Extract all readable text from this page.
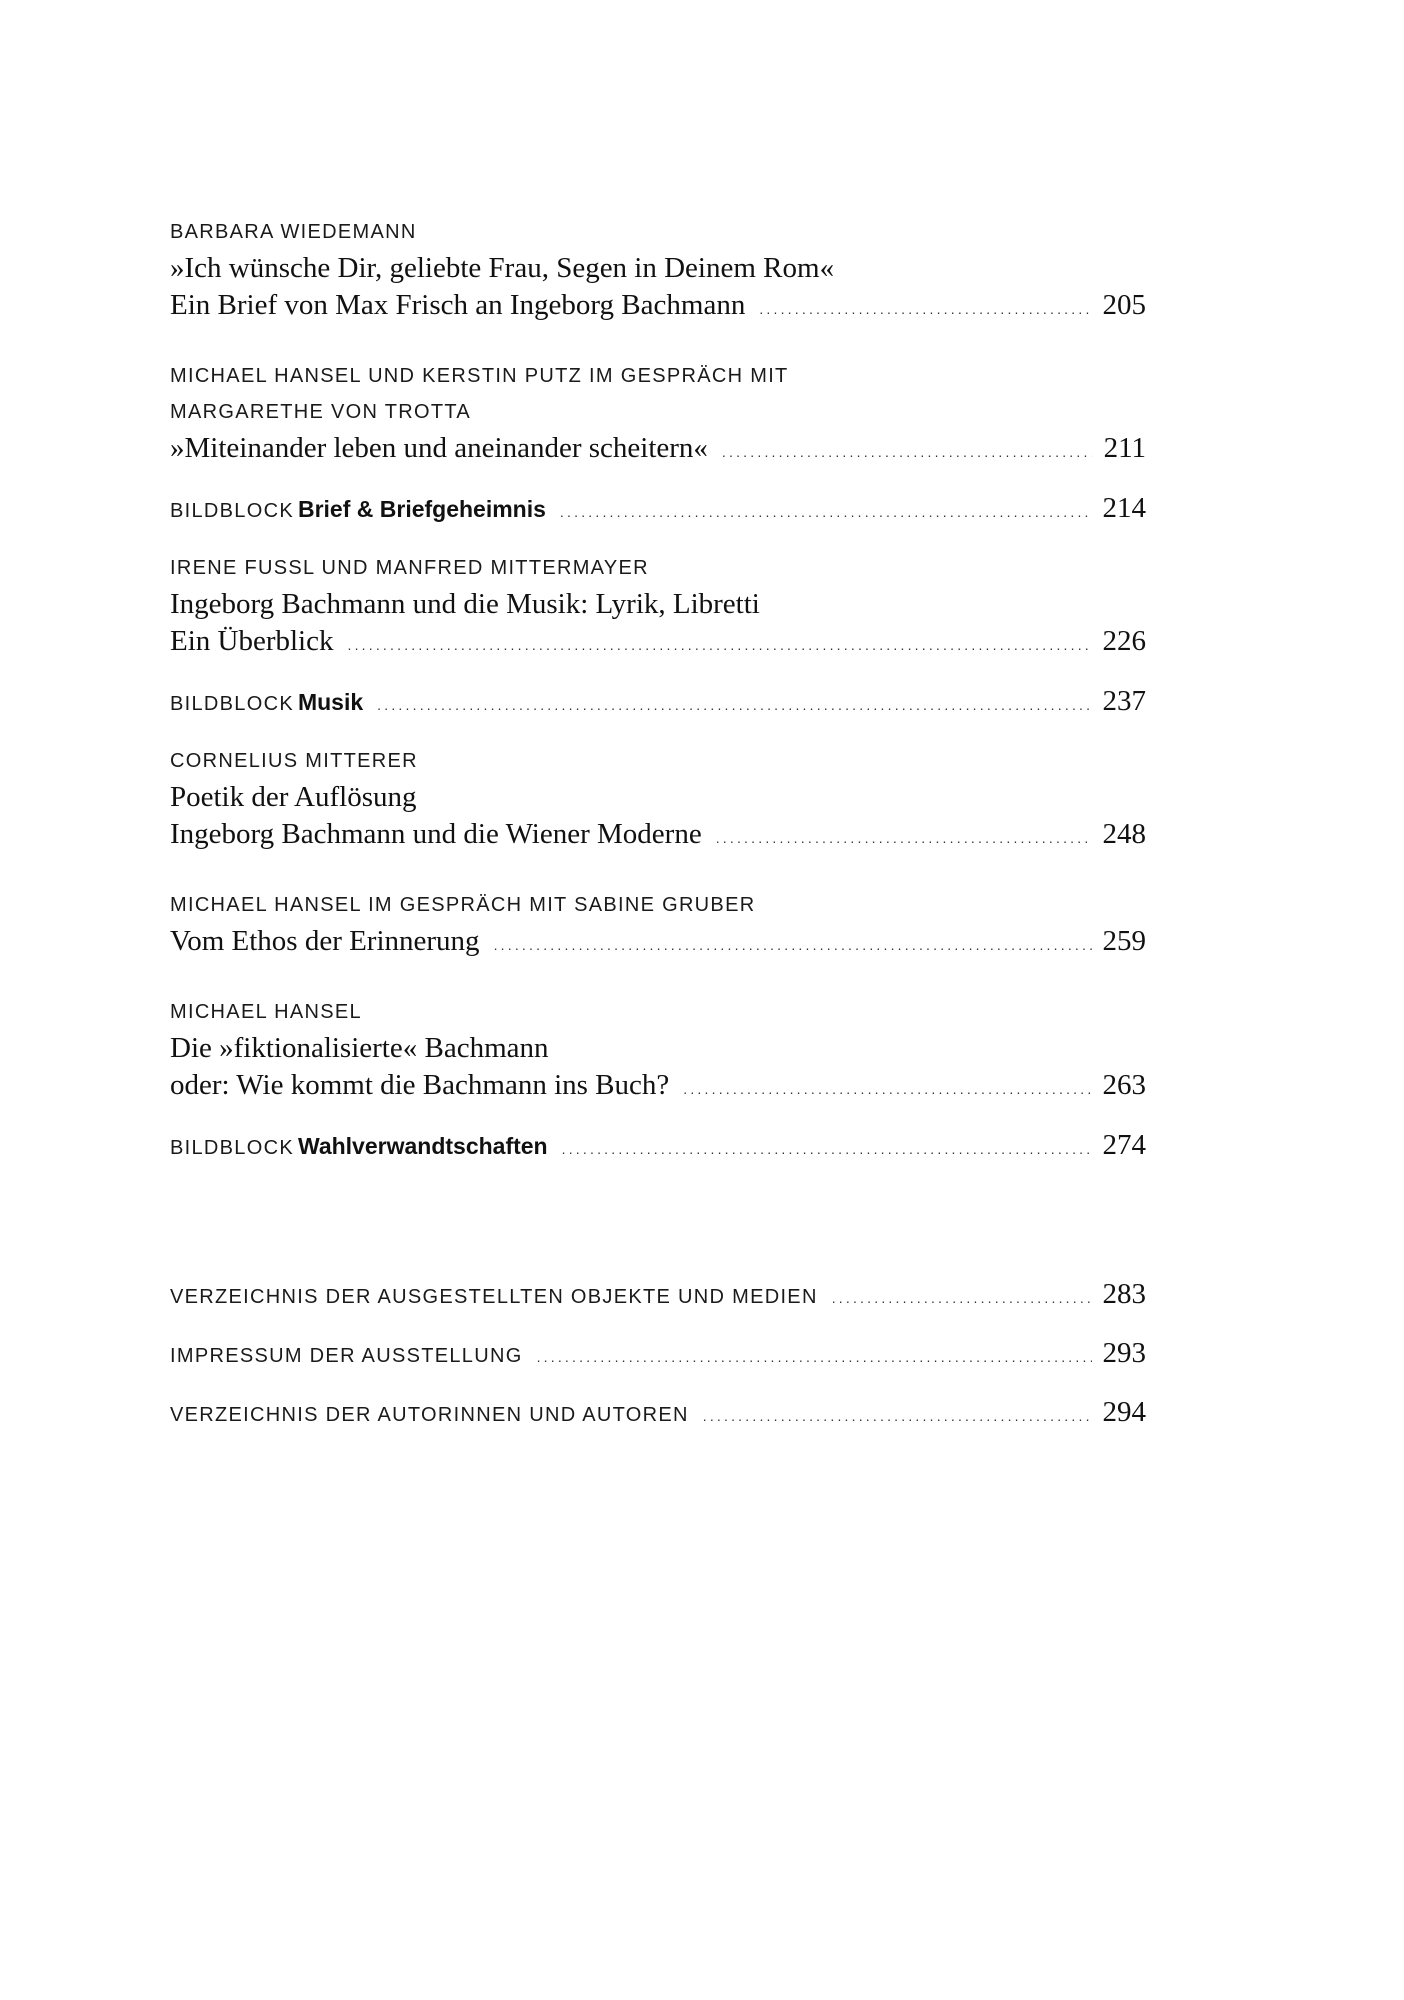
BARBARA WIEDEMANN
»Ich wünsche Dir, geliebte Frau, Segen in Deinem Rom«
Ein Brief von Max Frisch an Ingeborg Bachmann .....	205
MICHAEL HANSEL UND KERSTIN PUTZ IM GESPRÄCH MIT
MARGARETHE VON TROTTA
»Miteinander leben und aneinander scheitern« .....	211
BILDBLOCK Brief & Briefgeheimnis .....	214
IRENE FUSSL UND MANFRED MITTERMAYER
Ingeborg Bachmann und die Musik: Lyrik, Libretti
Ein Überblick .....	226
BILDBLOCK Musik .....	237
CORNELIUS MITTERER
Poetik der Auflösung
Ingeborg Bachmann und die Wiener Moderne .....	248
MICHAEL HANSEL IM GESPRÄCH MIT SABINE GRUBER
Vom Ethos der Erinnerung .....	259
MICHAEL HANSEL
Die »fiktionalisierte« Bachmann
oder: Wie kommt die Bachmann ins Buch? .....	263
BILDBLOCK Wahlverwandtschaften .....	274
VERZEICHNIS DER AUSGESTELLTEN OBJEKTE UND MEDIEN .....	283
IMPRESSUM DER AUSSTELLUNG .....	293
VERZEICHNIS DER AUTORINNEN UND AUTOREN .....	294
